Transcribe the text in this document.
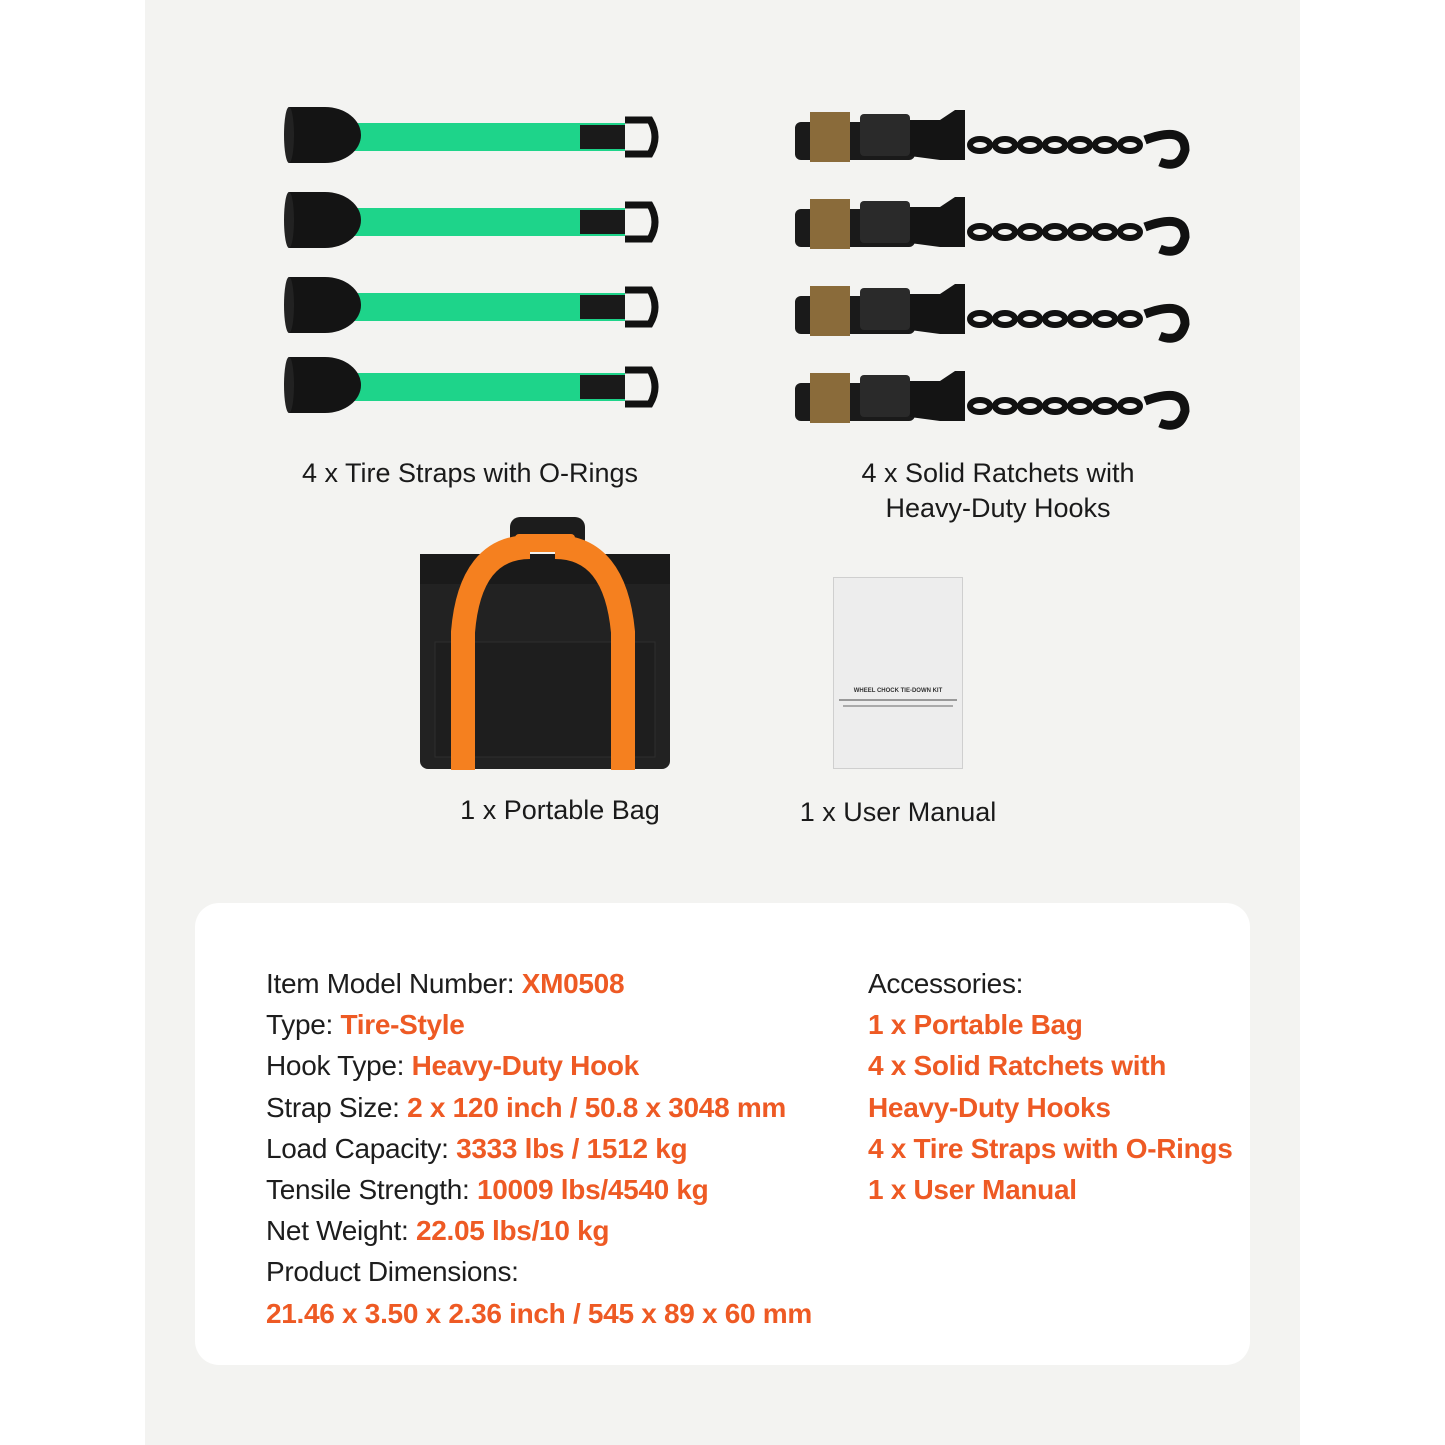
4 x Tire Straps with O-Rings	4 x Solid Ratchets with
Heavy-Duty Hooks
WHEEL CHOCK TIE-DOWN KIT
1 x Portable Bag	1 x User Manual
Item Model Number: XM0508
Type: Tire-Style
Hook Type: Heavy-Duty Hook
Strap Size: 2 x 120 inch / 50.8 x 3048 mm
Load Capacity: 3333 lbs / 1512 kg
Tensile Strength: 10009 lbs/4540 kg
Net Weight: 22.05 lbs/10 kg
Product Dimensions:
21.46 x 3.50 x 2.36 inch / 545 x 89 x 60 mm
Accessories:
1 x Portable Bag
4 x Solid Ratchets with
Heavy-Duty Hooks
4 x Tire Straps with O-Rings
1 x User Manual
